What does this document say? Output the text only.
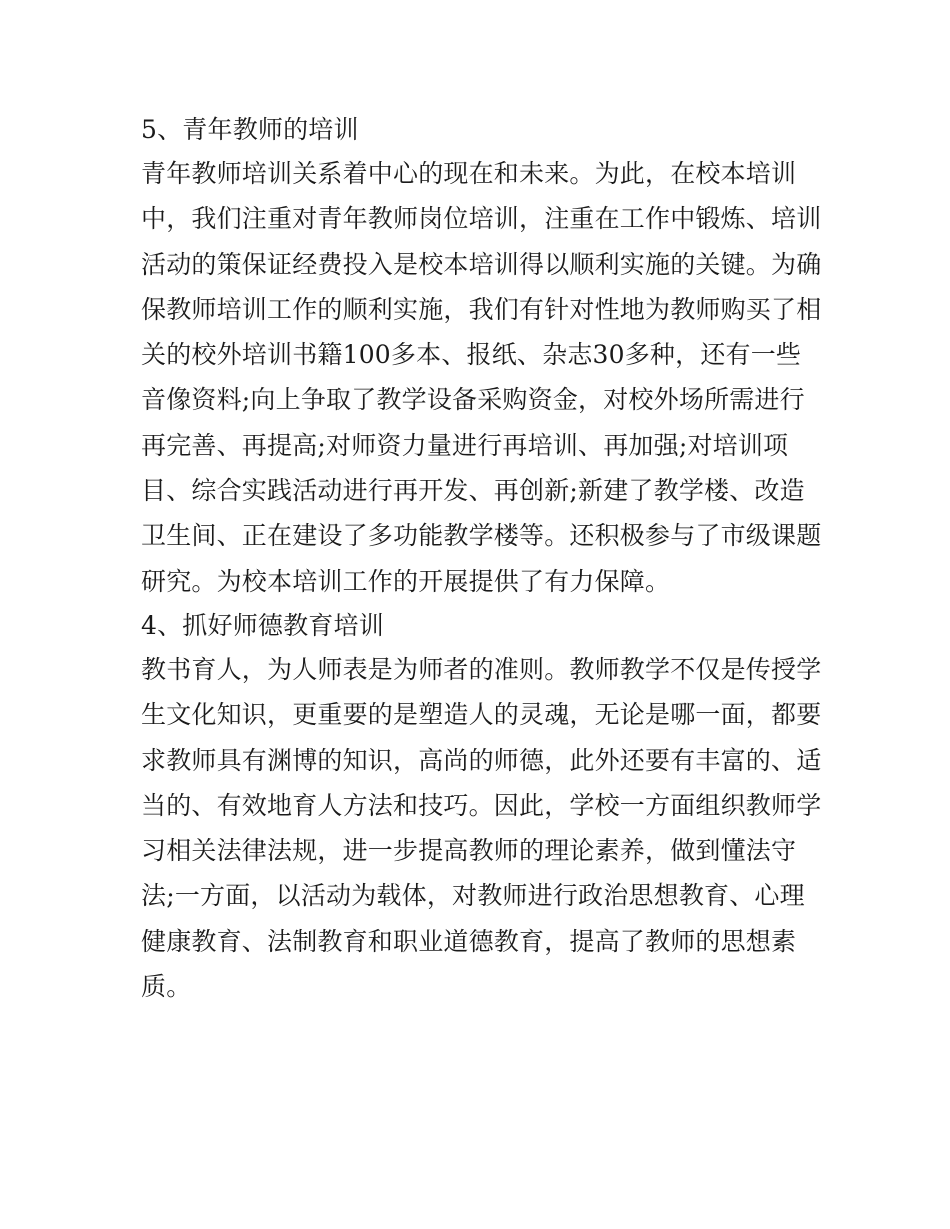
5、青年教师的培训
青年教师培训关系着中心的现在和未来。为此，在校本培训
中，我们注重对青年教师岗位培训，注重在工作中锻炼、培训
活动的策保证经费投入是校本培训得以顺利实施的关键。为确
保教师培训工作的顺利实施，我们有针对性地为教师购买了相
关的校外培训书籍100多本、报纸、杂志30多种，还有一些
音像资料;向上争取了教学设备采购资金，对校外场所需进行
再完善、再提高;对师资力量进行再培训、再加强;对培训项
目、综合实践活动进行再开发、再创新;新建了教学楼、改造
卫生间、正在建设了多功能教学楼等。还积极参与了市级课题
研究。为校本培训工作的开展提供了有力保障。
4、抓好师德教育培训
教书育人，为人师表是为师者的准则。教师教学不仅是传授学
生文化知识，更重要的是塑造人的灵魂，无论是哪一面，都要
求教师具有渊博的知识，高尚的师德，此外还要有丰富的、适
当的、有效地育人方法和技巧。因此，学校一方面组织教师学
习相关法律法规，进一步提高教师的理论素养，做到懂法守
法;一方面，以活动为载体，对教师进行政治思想教育、心理
健康教育、法制教育和职业道德教育，提高了教师的思想素
质。
